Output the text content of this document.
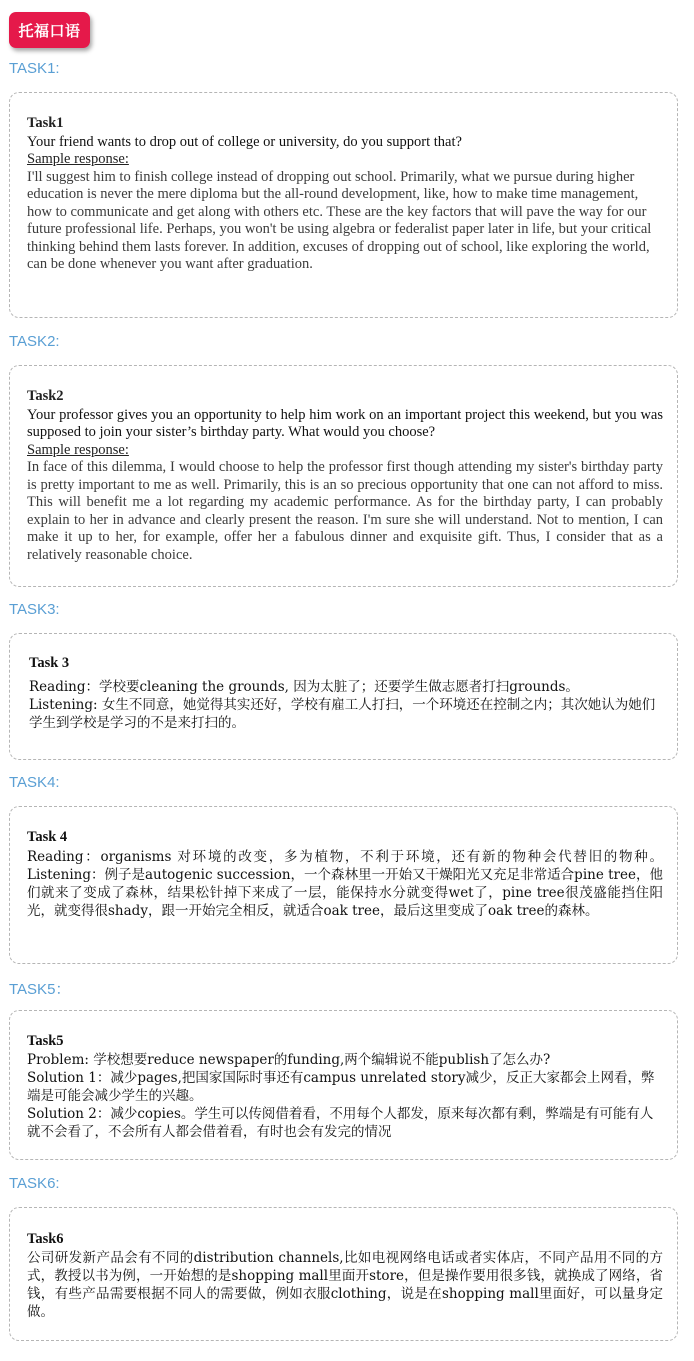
托福口语
TASK1:

Task1

Your friend wants to drop out of college or university, do you support that?

Sample response:

I'll suggest him to finish college instead of dropping out school. Primarily, what we pursue during higher education is never the mere diploma but the all-round development, like, how to make time management, how to communicate and get along with others etc. These are the key factors that will pave the way for our future professional life. Perhaps, you won't be using algebra or federalist paper later in life, but your critical thinking behind them lasts forever. In addition, excuses of dropping out of school, like exploring the world, can be done whenever you want after graduation.

TASK2:

Task2

Your professor gives you an opportunity to help him work on an important project this weekend, but you was supposed to join your sister’s birthday party. What would you choose?

Sample response:

In face of this dilemma, I would choose to help the professor first though attending my sister's birthday party is pretty important to me as well. Primarily, this is an so precious opportunity that one can not afford to miss. This will benefit me a lot regarding my academic performance. As for the birthday party, I can probably explain to her in advance and clearly present the reason. I'm sure she will understand. Not to mention, I can make it up to her, for example, offer her a fabulous dinner and exquisite gift. Thus, I consider that as a relatively reasonable choice.

TASK3:

Task 3

Reading：学校要cleaning the grounds, 因为太脏了；还要学生做志愿者打扫grounds。

Listening: 女生不同意，她觉得其实还好，学校有雇工人打扫，一个环境还在控制之内；其次她认为她们学生到学校是学习的不是来打扫的。

TASK4:

Task 4

Reading：organisms 对环境的改变，多为植物，不利于环境，还有新的物种会代替旧的物种。Listening：例子是autogenic succession，一个森林里一开始又干燥阳光又充足非常适合pine tree，他们就来了变成了森林，结果松针掉下来成了一层，能保持水分就变得wet了，pine tree很茂盛能挡住阳光，就变得很shady，跟一开始完全相反，就适合oak tree，最后这里变成了oak tree的森林。

TASK5：

Task5

Problem: 学校想要reduce newspaper的funding,两个编辑说不能publish了怎么办?

Solution 1：减少pages,把国家国际时事还有campus unrelated story减少，反正大家都会上网看，弊端是可能会减少学生的兴趣。

Solution 2：减少copies。学生可以传阅借着看，不用每个人都发，原来每次都有剩，弊端是有可能有人就不会看了，不会所有人都会借着看，有时也会有发完的情况

TASK6:

Task6

公司研发新产品会有不同的distribution channels,比如电视网络电话或者实体店，不同产品用不同的方式，教授以书为例，一开始想的是shopping mall里面开store，但是操作要用很多钱，就换成了网络，省钱，有些产品需要根据不同人的需要做，例如衣服clothing，说是在shopping mall里面好，可以量身定做。
